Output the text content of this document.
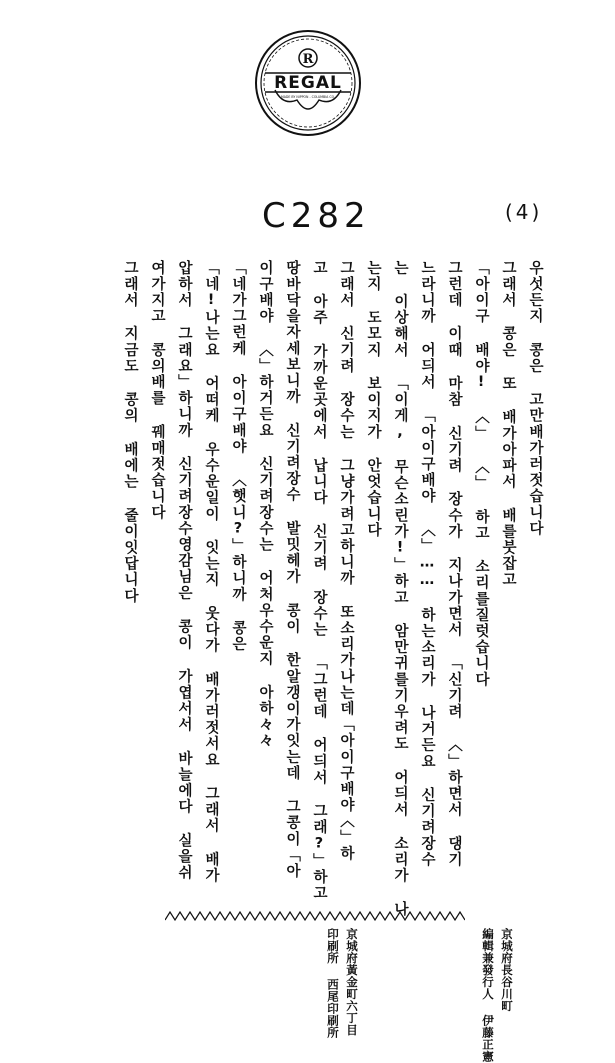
R
REGAL
MADE BY NIPPON - COLUMBIA CO.
C282	(4)
우섯든지 콩은 고만배가러젓습니다
그래서 콩은 또 배가아파서 배를붓잡고
「아이구 배야! 〈」 〈」 하고 소리를질럿습니다
그런데 이때 마참 신기려 장수가 지나가면서 「신기려 〈」하면서 댕기
느라니까 어듸서 「아이구배야 〈」…… 하는소리가 나거든요 신기려장수
는 이상해서 「이게, 무슨소린가!」하고 암만귀를기우려도 어듸서 소리가 나
는지 도모지 보이지가 안엇습니다
그래서 신기려 장수는 그냥가려고하니까 또소리가나는데「아이구배야〈」하
고 아주 가까운곳에서 납니다 신기려 장수는 「그런데 어듸서 그래?」하고
땅바닥을자세보니까 신기려장수 발밋헤가 콩이 한알갱이가잇는데 그콩이「아
이구배야 〈」하거든요 신기려장수는 어처우수운지 아하々々
「네가그런케 아이구배야 〈햇니?」하니까 콩은
「네!나는요 어떠케 우수운일이 잇는지 웃다가 배가러젓서요 그래서 배가
압하서 그래요」하니까 신기려장수영감님은 콩이 가엽서서 바늘에다 실을쉬
여가지고 콩의배를 꿰매젓습니다
그래서 지금도 콩의 배에는 줄이잇답니다
京城府長谷川町
編輯兼發行人 伊藤正憲
京城府黃金町六丁目
印刷所 西尾印刷所
